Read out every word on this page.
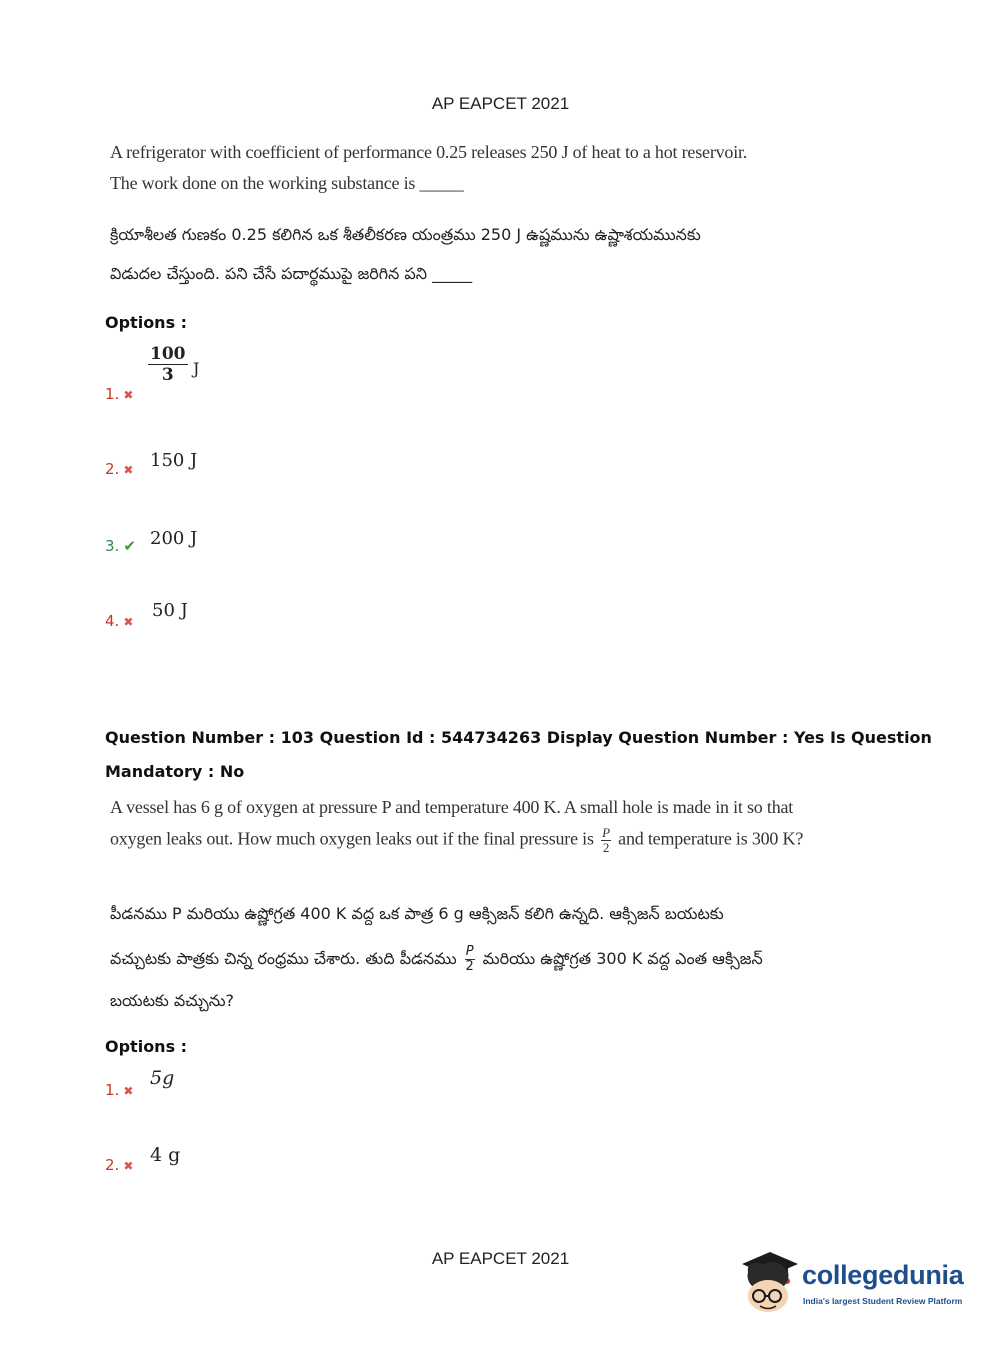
AP EAPCET 2021
A refrigerator with coefficient of performance 0.25 releases 250 J of heat to a hot reservoir.
The work done on the working substance is _____
క్రియాశీలత గుణకం 0.25 కలిగిన ఒక శీతలీకరణ యంత్రము 250 J ఉష్ణమును ఉష్ణాశయమునకు
విడుదల చేస్తుంది. పని చేసే పదార్థముపై జరిగిన పని _____
Options :
1. ✖
$\frac{100}{3}$ J
2. ✖ 150 J
3. ✔ 200 J
4. ✖
50 J
Question Number : 103 Question Id : 544734263 Display Question Number : Yes Is Question
Mandatory : No
A vessel has 6 g of oxygen at pressure P and temperature 400 K. A small hole is made in it so that
oxygen leaks out. How much oxygen leaks out if the final pressure is $\frac{P}{2}$ and temperature is 300 K?
పీడనము P మరియు ఉష్ణోగ్రత 400 K వద్ద ఒక పాత్ర 6 g ఆక్సిజన్ కలిగి ఉన్నది. ఆక్సిజన్ బయటకు
వచ్చుటకు పాత్రకు చిన్న రంధ్రము చేశారు. తుది పీడనము $\frac{P}{2}$ మరియు ఉష్ణోగ్రత 300 K వద్ద ఎంత ఆక్సిజన్
బయటకు వచ్చును?
Options :
1. ✖
5g
2. ✖ 4 g
AP EAPCET 2021
collegedunia
India's largest Student Review Platform
